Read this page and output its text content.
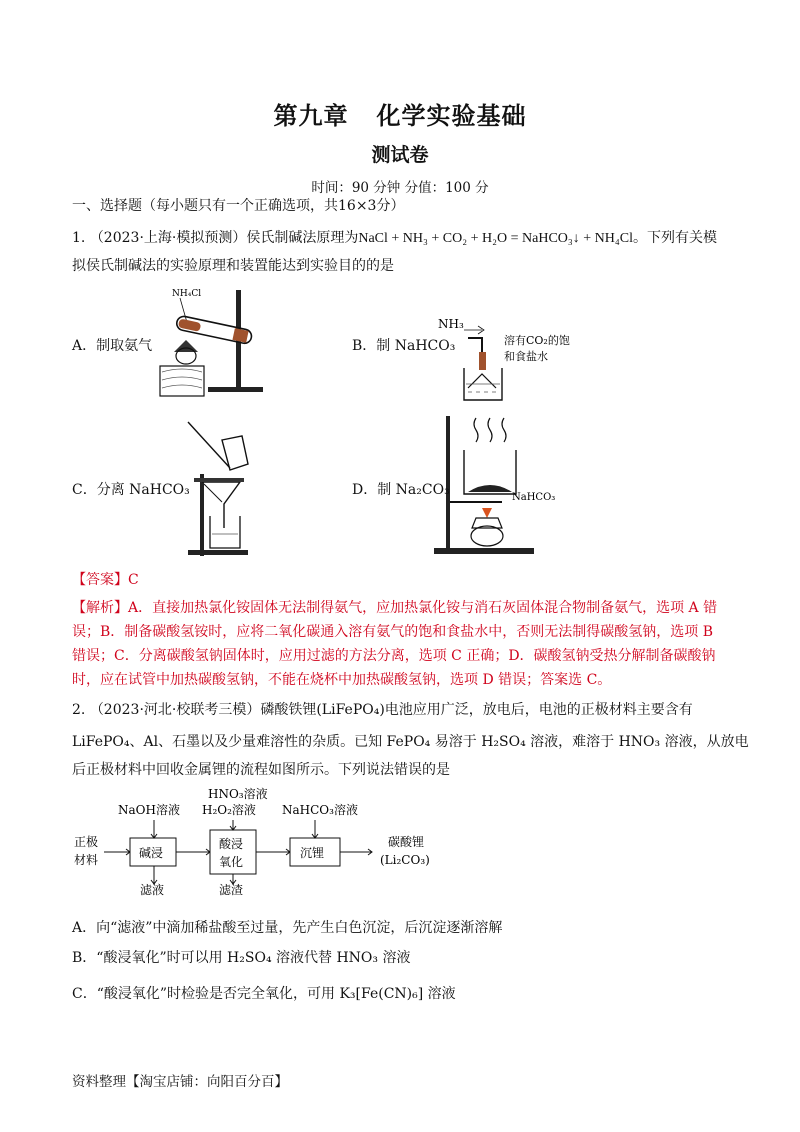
第九章 化学实验基础
测试卷
时间：90 分钟 分值：100 分
一、选择题（每小题只有一个正确选项，共16×3分）
1. （2023·上海·模拟预测）侯氏制碱法原理为NaCl + NH₃ + CO₂ + H₂O = NaHCO₃↓ + NH₄Cl。下列有关模
拟侯氏制碱法的实验原理和装置能达到实验目的的是
NH₄Cl
A．制取氨气
NH₃
溶有CO₂的饱
和食盐水
B．制 NaHCO₃
C．分离 NaHCO₃	NaHCO₃
D．制 Na₂CO₃
【答案】C
【解析】A．直接加热氯化铵固体无法制得氨气，应加热氯化铵与消石灰固体混合物制备氨气，选项 A 错
误；B．制备碳酸氢铵时，应将二氧化碳通入溶有氨气的饱和食盐水中，否则无法制得碳酸氢钠，选项 B
错误；C．分离碳酸氢钠固体时，应用过滤的方法分离，选项 C 正确；D．碳酸氢钠受热分解制备碳酸钠
时，应在试管中加热碳酸氢钠，不能在烧杯中加热碳酸氢钠，选项 D 错误；答案选 C。
2. （2023·河北·校联考三模）磷酸铁锂(LiFePO₄)电池应用广泛，放电后，电池的正极材料主要含有
LiFePO₄、Al、石墨以及少量难溶性的杂质。已知 FePO₄ 易溶于 H₂SO₄ 溶液，难溶于 HNO₃ 溶液，从放电
后正极材料中回收金属锂的流程如图所示。下列说法错误的是
NaOH溶液
HNO₃溶液
H₂O₂溶液 NaHCO₃溶液
正极
材料	碱浸
滤液
酸浸
氧化
滤渣
沉锂
碳酸锂
(Li₂CO₃)
A．向“滤液”中滴加稀盐酸至过量，先产生白色沉淀，后沉淀逐渐溶解
B．“酸浸氧化”时可以用 H₂SO₄ 溶液代替 HNO₃ 溶液
C．“酸浸氧化”时检验是否完全氧化，可用 K₃[Fe(CN)₆] 溶液
资料整理【淘宝店铺：向阳百分百】
